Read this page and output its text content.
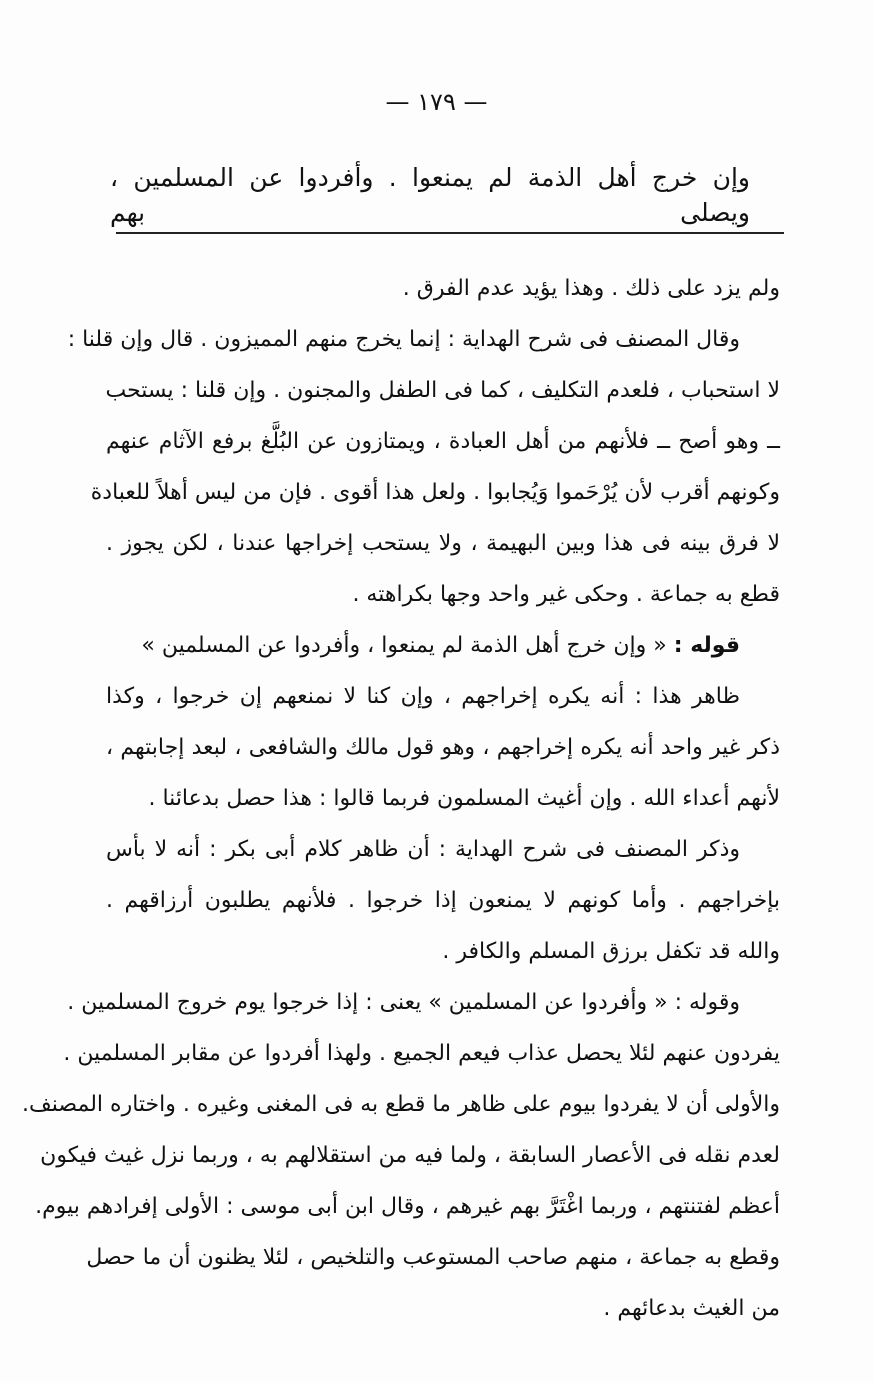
— ١٧٩ —
وإن خرج أهل الذمة لم يمنعوا . وأفردوا عن المسلمين ، ويصلى بهم
ولم يزد على ذلك . وهذا يؤيد عدم الفرق .
وقال المصنف فى شرح الهداية : إنما يخرج منهم المميزون . قال وإن قلنا :
لا استحباب ، فلعدم التكليف ، كما فى الطفل والمجنون . وإن قلنا : يستحب
ــ وهو أصح ــ فلأنهم من أهل العبادة ، ويمتازون عن البُلَّغ برفع الآثام عنهم
وكونهم أقرب لأن يُرْحَموا وَيُجابوا . ولعل هذا أقوى . فإن من ليس أهلاً للعبادة
لا فرق بينه فى هذا وبين البهيمة ، ولا يستحب إخراجها عندنا ، لكن يجوز .
قطع به جماعة . وحكى غير واحد وجها بكراهته .
قوله : « وإن خرج أهل الذمة لم يمنعوا ، وأفردوا عن المسلمين »
ظاهر هذا : أنه يكره إخراجهم ، وإن كنا لا نمنعهم إن خرجوا ، وكذا
ذكر غير واحد أنه يكره إخراجهم ، وهو قول مالك والشافعى ، لبعد إجابتهم ،
لأنهم أعداء الله . وإن أغيث المسلمون فربما قالوا : هذا حصل بدعائنا .
وذكر المصنف فى شرح الهداية : أن ظاهر كلام أبى بكر : أنه لا بأس
بإخراجهم . وأما كونهم لا يمنعون إذا خرجوا . فلأنهم يطلبون أرزاقهم .
والله قد تكفل برزق المسلم والكافر .
وقوله : « وأفردوا عن المسلمين » يعنى : إذا خرجوا يوم خروج المسلمين .
يفردون عنهم لئلا يحصل عذاب فيعم الجميع . ولهذا أفردوا عن مقابر المسلمين .
والأولى أن لا يفردوا بيوم على ظاهر ما قطع به فى المغنى وغيره . واختاره المصنف.
لعدم نقله فى الأعصار السابقة ، ولما فيه من استقلالهم به ، وربما نزل غيث فيكون
أعظم لفتنتهم ، وربما اغْتَرَّ بهم غيرهم ، وقال ابن أبى موسى : الأولى إفرادهم بيوم.
وقطع به جماعة ، منهم صاحب المستوعب والتلخيص ، لئلا يظنون أن ما حصل
من الغيث بدعائهم .
